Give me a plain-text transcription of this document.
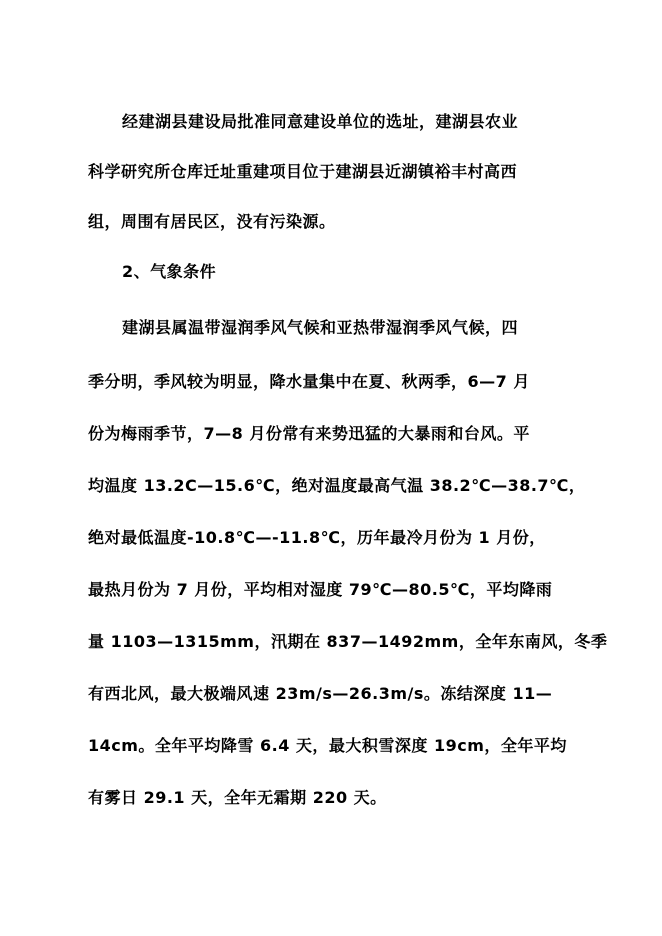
经建湖县建设局批准同意建设单位的选址，建湖县农业
科学研究所仓库迁址重建项目位于建湖县近湖镇裕丰村高西
组，周围有居民区，没有污染源。
2、气象条件
建湖县属温带湿润季风气候和亚热带湿润季风气候，四
季分明，季风较为明显，降水量集中在夏、秋两季，6—7 月
份为梅雨季节，7—8 月份常有来势迅猛的大暴雨和台风。平
均温度 13.2C—15.6℃，绝对温度最高气温 38.2℃—38.7℃，
绝对最低温度-10.8℃—-11.8℃，历年最冷月份为 1 月份，
最热月份为 7 月份，平均相对湿度 79℃—80.5℃，平均降雨
量 1103—1315mm，汛期在 837—1492mm，全年东南风，冬季
有西北风，最大极端风速 23m/s—26.3m/s。冻结深度 11—
14cm。全年平均降雪 6.4 天，最大积雪深度 19cm，全年平均
有雾日 29.1 天，全年无霜期 220 天。
